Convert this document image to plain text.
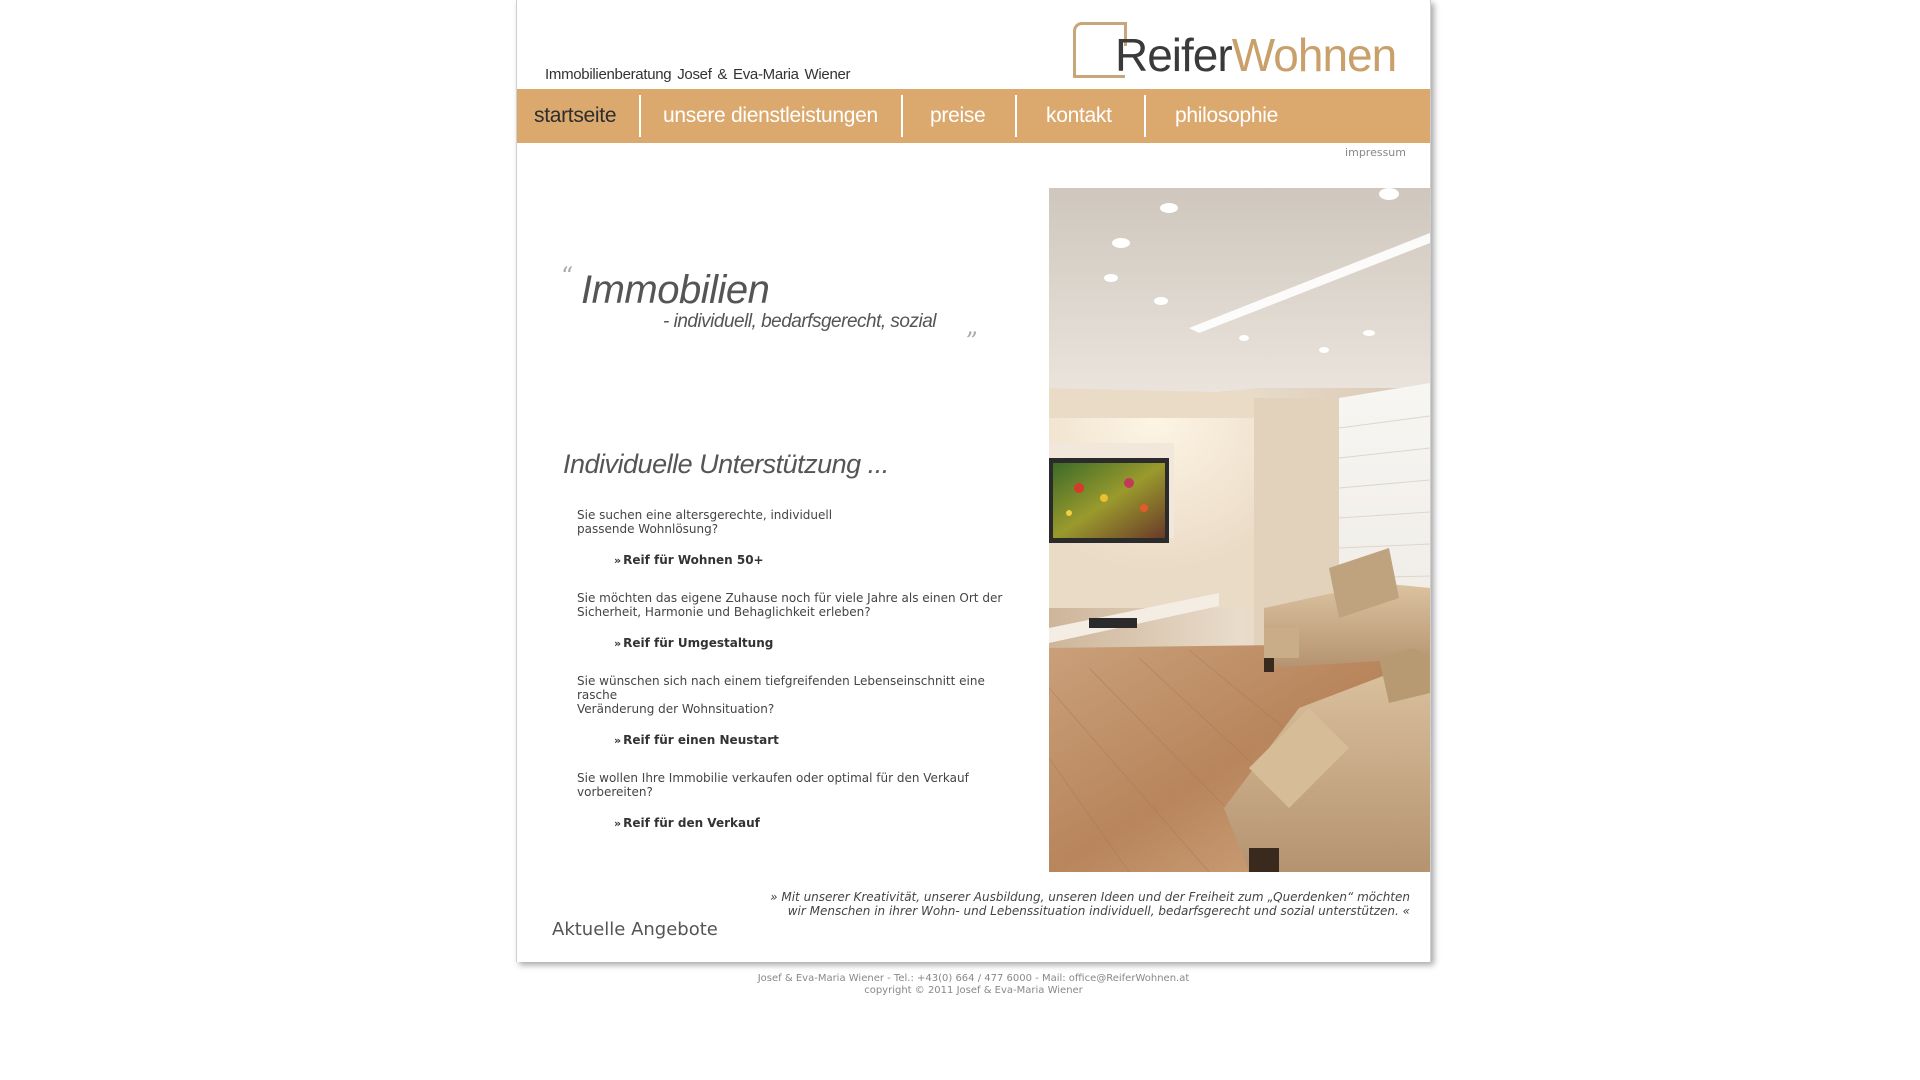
Immobilienberatung Josef & Eva-Maria Wiener	ReiferWohnen
startseite unsere dienstleistungen preise	kontakt	philosophie
impressum
“ Immobilien
- individuell, bedarfsgerecht, sozial „
Individuelle Unterstützung ...
Sie suchen eine altersgerechte, individuell
passende Wohnlösung?
» Reif für Wohnen 50+
Sie möchten das eigene Zuhause noch für viele Jahre als einen Ort der
Sicherheit, Harmonie und Behaglichkeit erleben?
» Reif für Umgestaltung
Sie wünschen sich nach einem tiefgreifenden Lebenseinschnitt eine
rasche
Veränderung der Wohnsituation?
» Reif für einen Neustart
Sie wollen Ihre Immobilie verkaufen oder optimal für den Verkauf
vorbereiten?
» Reif für den Verkauf
» Mit unserer Kreativität, unserer Ausbildung, unseren Ideen und der Freiheit zum „Querdenken“ möchten
wir Menschen in ihrer Wohn- und Lebenssituation individuell, bedarfsgerecht und sozial unterstützen. «
Aktuelle Angebote
Josef & Eva-Maria Wiener - Tel.: +43(0) 664 / 477 6000 - Mail: office@ReiferWohnen.at
copyright © 2011 Josef & Eva-Maria Wiener
